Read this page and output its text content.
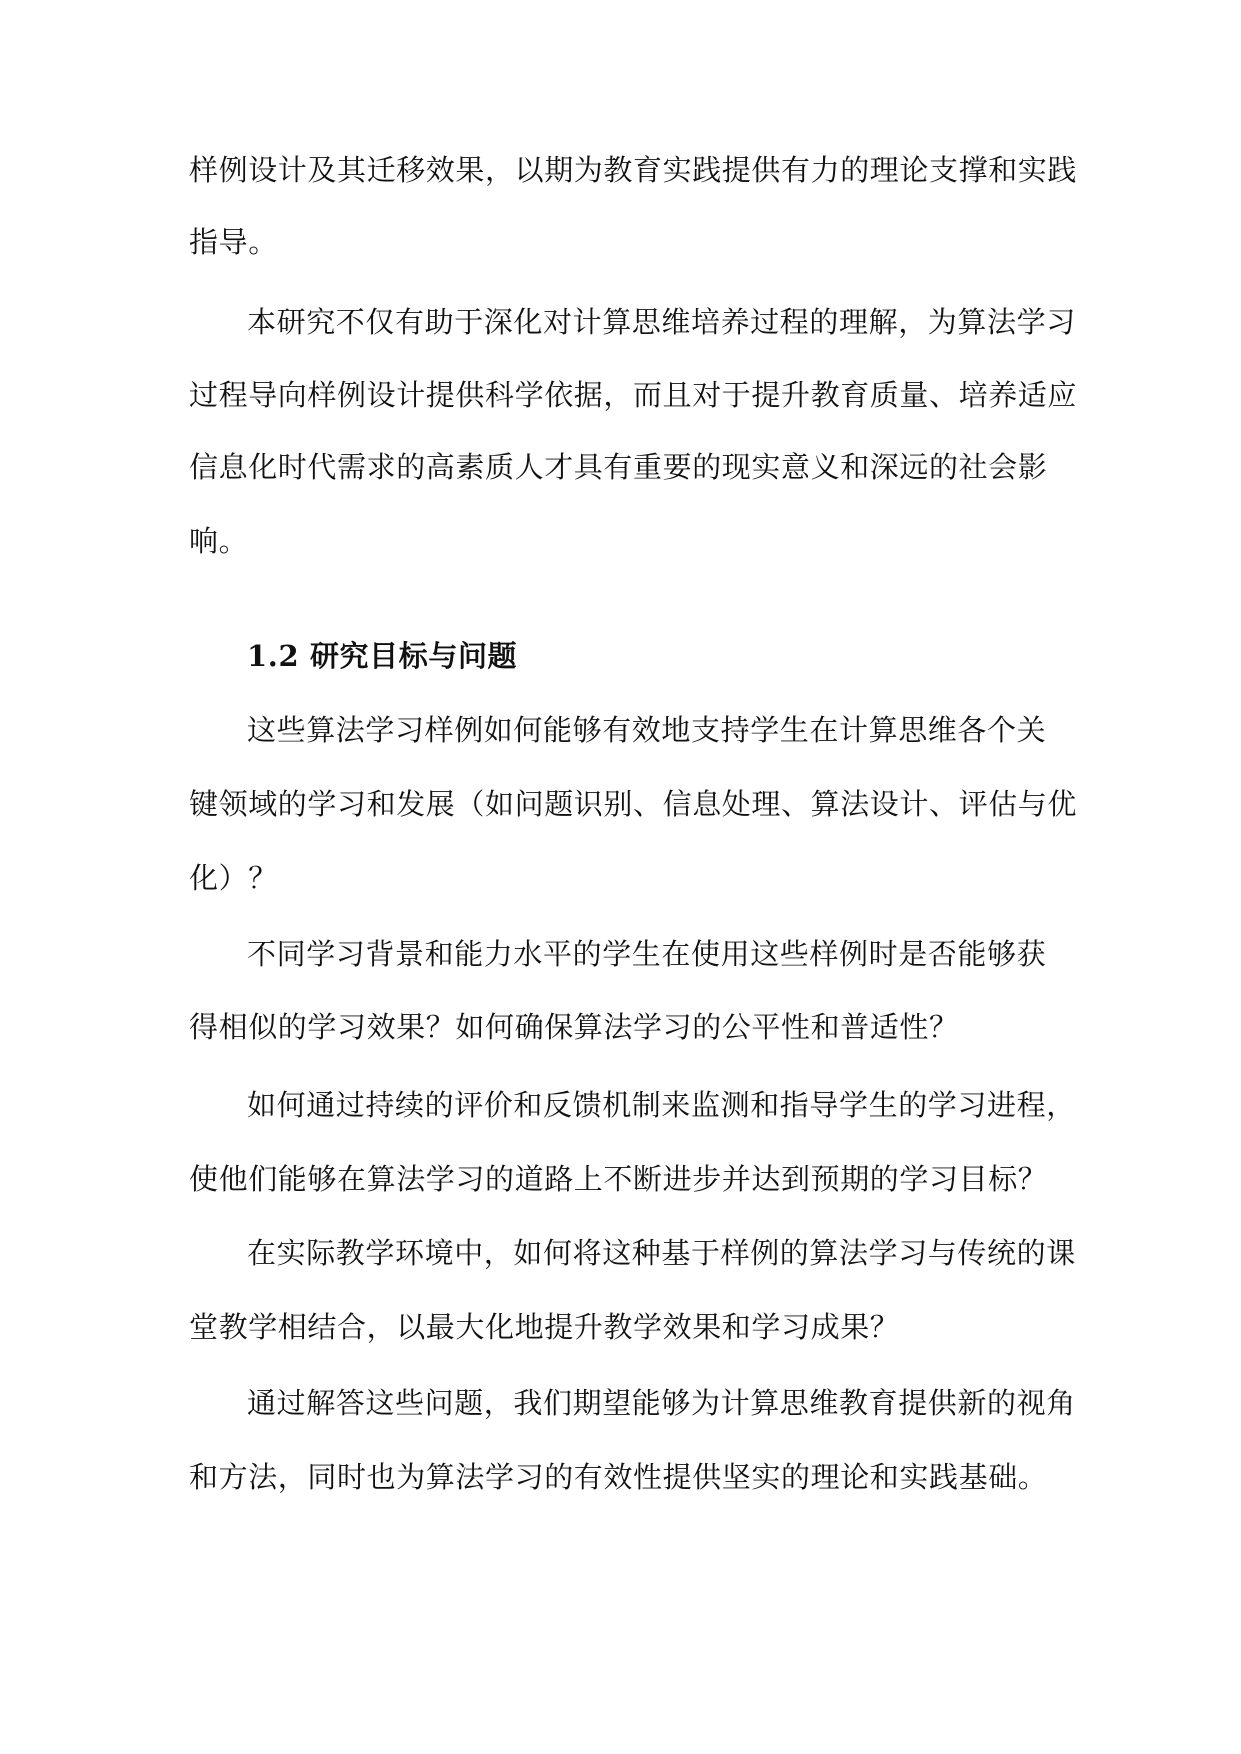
样例设计及其迁移效果，以期为教育实践提供有力的理论支撑和实践
指导。
本研究不仅有助于深化对计算思维培养过程的理解，为算法学习
过程导向样例设计提供科学依据，而且对于提升教育质量、培养适应
信息化时代需求的高素质人才具有重要的现实意义和深远的社会影
响。
1.2 研究目标与问题
这些算法学习样例如何能够有效地支持学生在计算思维各个关
键领域的学习和发展（如问题识别、信息处理、算法设计、评估与优
化）？
不同学习背景和能力水平的学生在使用这些样例时是否能够获
得相似的学习效果？如何确保算法学习的公平性和普适性？
如何通过持续的评价和反馈机制来监测和指导学生的学习进程，
使他们能够在算法学习的道路上不断进步并达到预期的学习目标？
在实际教学环境中，如何将这种基于样例的算法学习与传统的课
堂教学相结合，以最大化地提升教学效果和学习成果？
通过解答这些问题，我们期望能够为计算思维教育提供新的视角
和方法，同时也为算法学习的有效性提供坚实的理论和实践基础。
